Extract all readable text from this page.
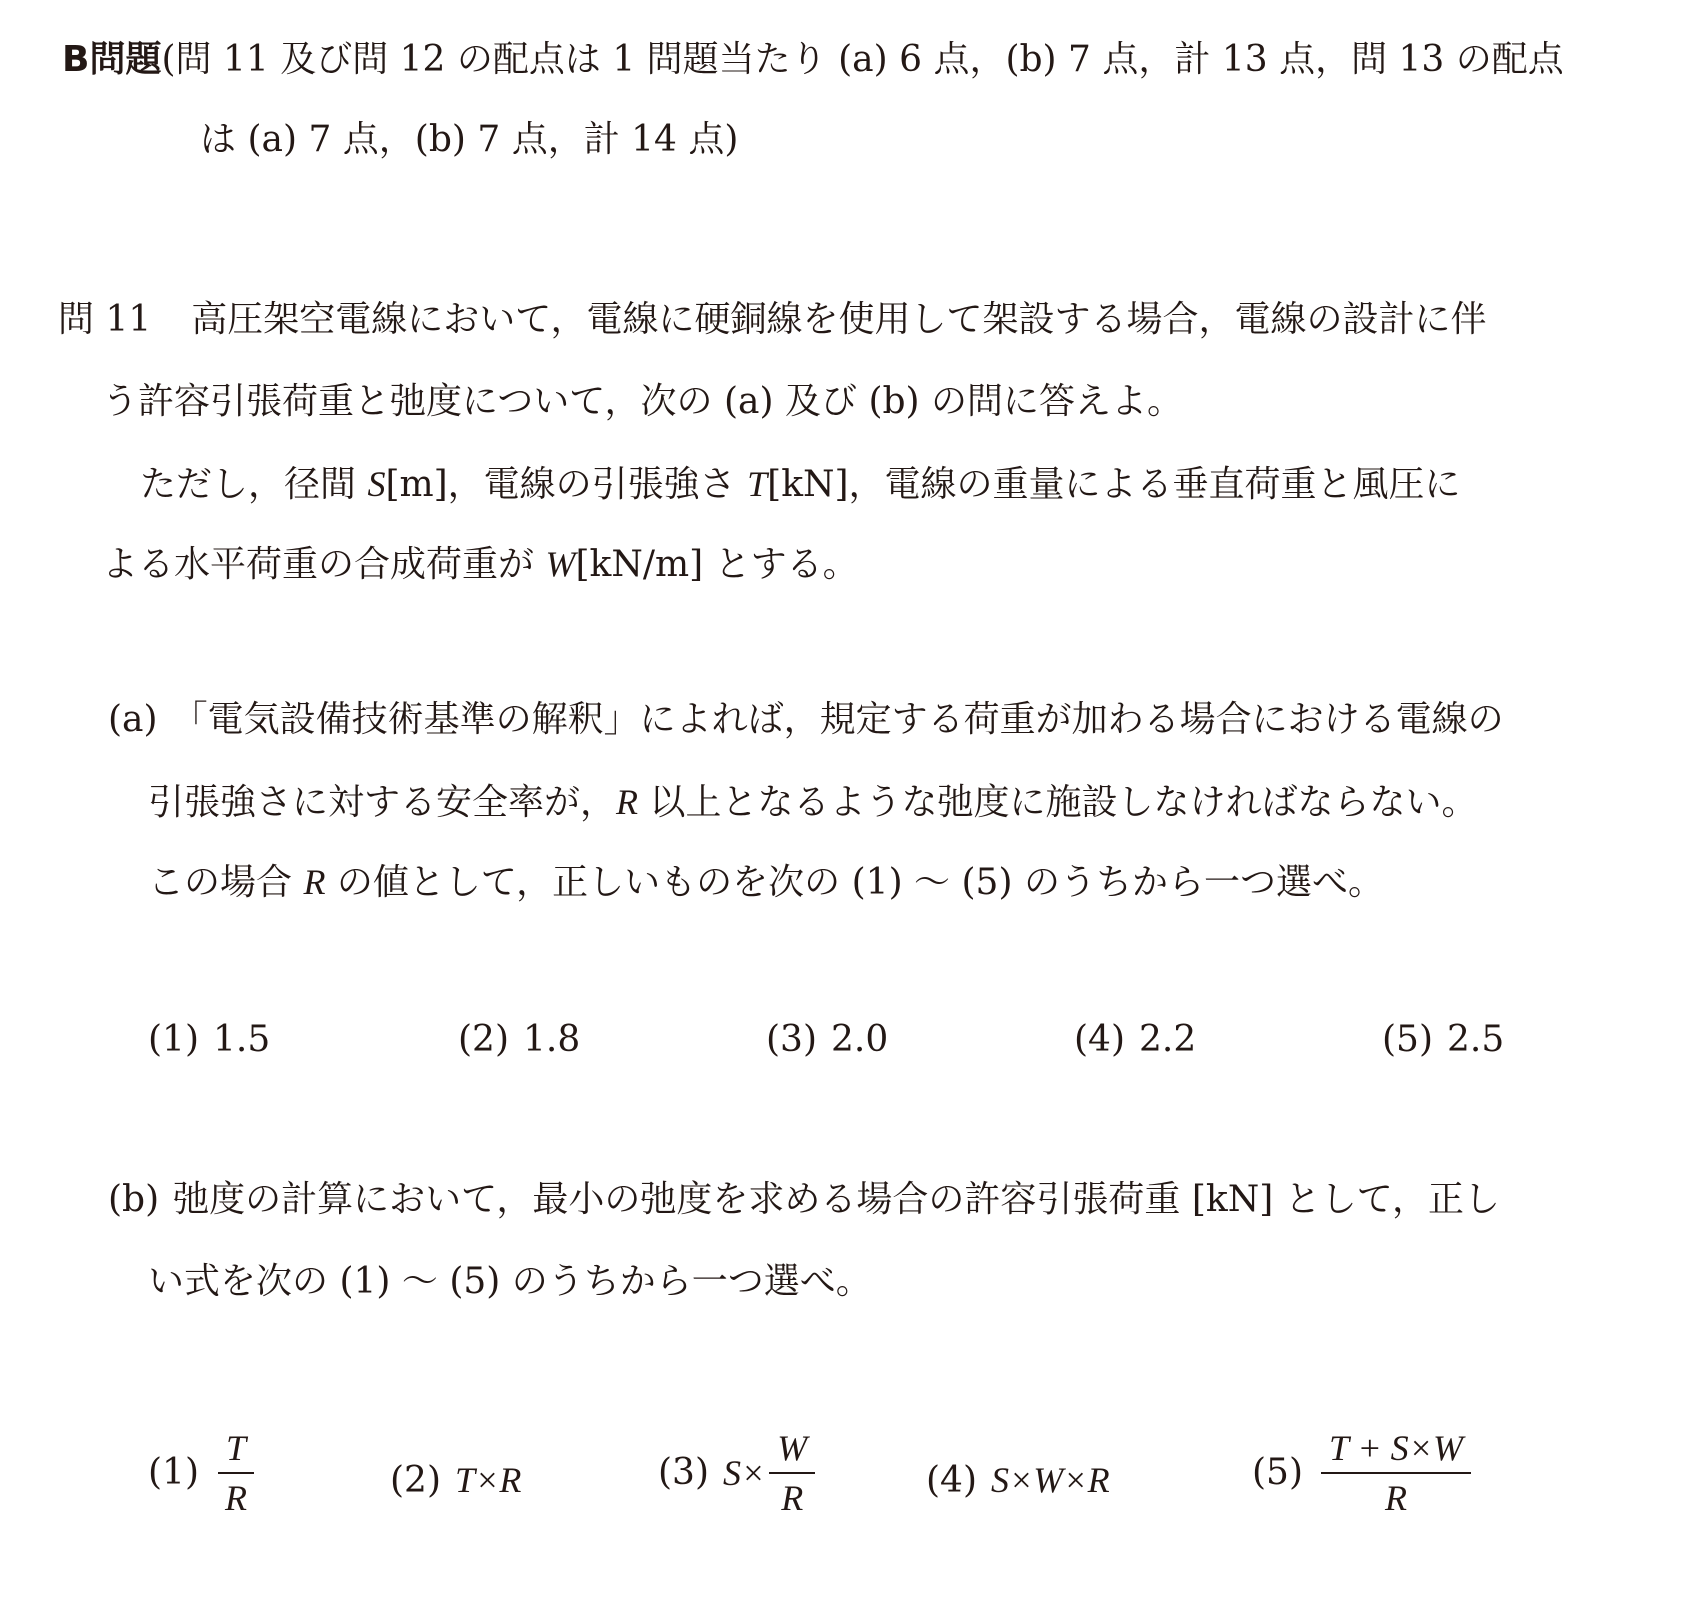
B問題(問 11 及び問 12 の配点は 1 問題当たり (a) 6 点，(b) 7 点，計 13 点，問 13 の配点
は (a) 7 点，(b) 7 点，計 14 点)
問 11 高圧架空電線において，電線に硬銅線を使用して架設する場合，電線の設計に伴
う許容引張荷重と弛度について，次の (a) 及び (b) の問に答えよ。
ただし，径間 S[m]，電線の引張強さ T[kN]，電線の重量による垂直荷重と風圧に
よる水平荷重の合成荷重が W[kN/m] とする。
(a) 「電気設備技術基準の解釈」によれば，規定する荷重が加わる場合における電線の
引張強さに対する安全率が，R 以上となるような弛度に施設しなければならない。
この場合 R の値として，正しいものを次の (1) ～ (5) のうちから一つ選べ。
(1) 1.5	(2) 1.8	(3) 2.0	(4) 2.2	(5) 2.5
(b) 弛度の計算において，最小の弛度を求める場合の許容引張荷重 [kN] として，正し
い式を次の (1) ～ (5) のうちから一つ選べ。
$(1) \frac{T}{R}$	(2) T×R	(3) $S\times \frac{W}{R}$	(4) S×W×R	$(5) \frac{T + S\times W}{R}$
